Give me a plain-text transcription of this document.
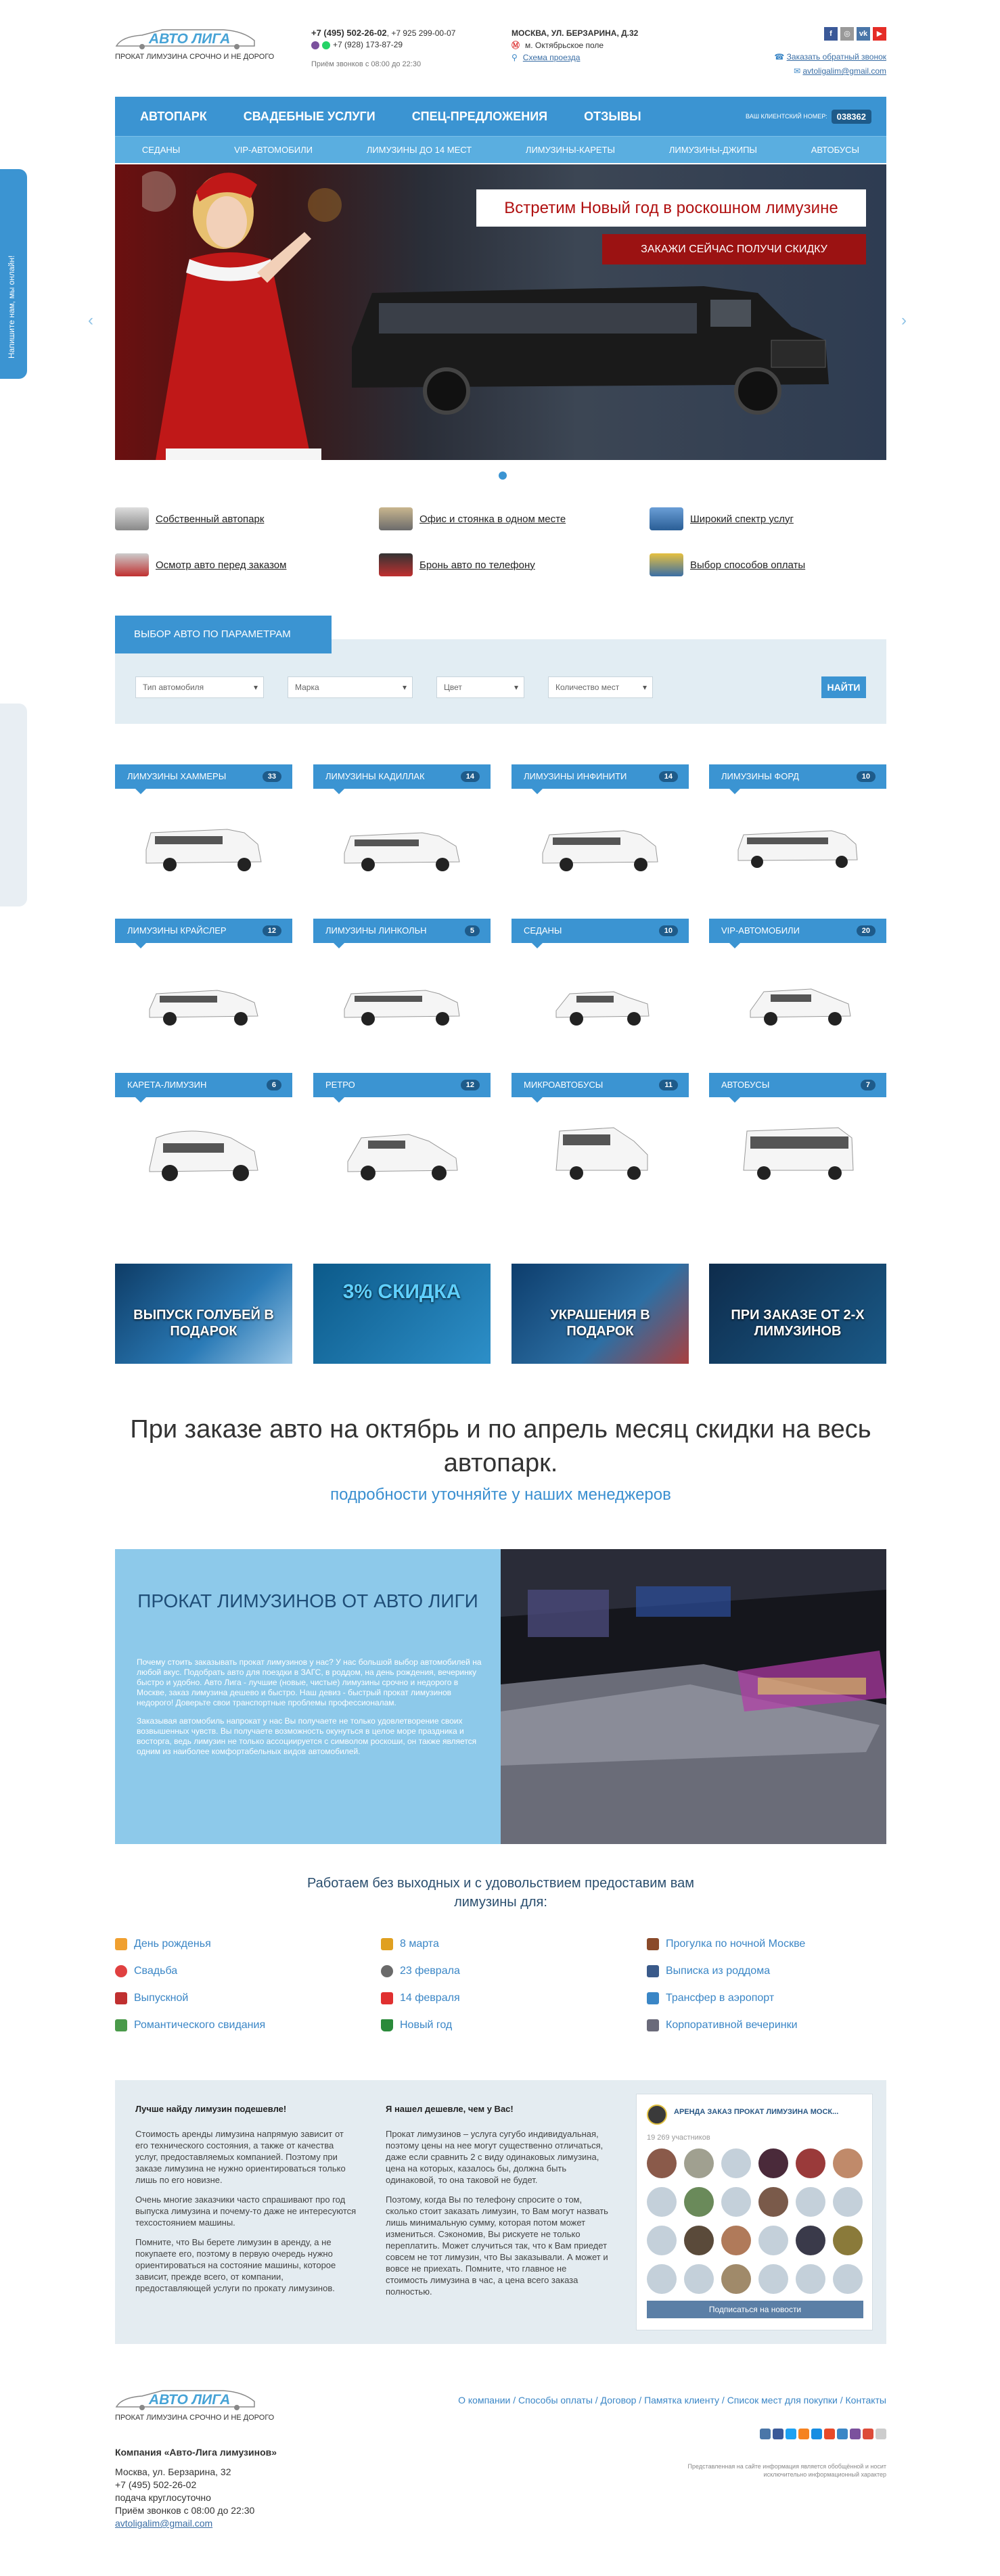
Напишите нам, мы онлайн!
АВТО ЛИГА
ПРОКАТ ЛИМУЗИНА СРОЧНО И НЕ ДОРОГО
+7 (495) 502-26-02, +7 925 299-00-07
+7 (928) 173-87-29
Приём звонков с 08:00 до 22:30
МОСКВА, УЛ. БЕРЗАРИНА, Д.32
Ⓜ м. Октябрьское поле
⚲ Схема проезда
f	◎	vk	▶
☎ Заказать обратный звонок
✉ avtoligalim@gmail.com
АВТОПАРК	СВАДЕБНЫЕ УСЛУГИ	СПЕЦ-ПРЕДЛОЖЕНИЯ	ОТЗЫВЫ	ВАШ КЛИЕНТСКИЙ НОМЕР:	038362
СЕДАНЫ	VIP-АВТОМОБИЛИ	ЛИМУЗИНЫ ДО 14 МЕСТ	ЛИМУЗИНЫ-КАРЕТЫ	ЛИМУЗИНЫ-ДЖИПЫ	АВТОБУСЫ
‹	›
Встретим Новый год в роскошном лимузине
ЗАКАЖИ СЕЙЧАС ПОЛУЧИ СКИДКУ
Собственный автопарк	Офис и стоянка в одном месте	Широкий спектр услуг
Осмотр авто перед заказом	Бронь авто по телефону	Выбор способов оплаты
ВЫБОР АВТО ПО ПАРАМЕТРАМ
Тип автомобиля ▾	Марка ▾	Цвет ▾	Количество мест ▾	НАЙТИ
ЛИМУЗИНЫ ХАММЕРЫ	33	ЛИМУЗИНЫ КАДИЛЛАК	14	ЛИМУЗИНЫ ИНФИНИТИ	14	ЛИМУЗИНЫ ФОРД	10
ЛИМУЗИНЫ КРАЙСЛЕР	12	ЛИМУЗИНЫ ЛИНКОЛЬН	5	СЕДАНЫ	10	VIP-АВТОМОБИЛИ	20
КАРЕТА-ЛИМУЗИН	6	РЕТРО	12	МИКРОАВТОБУСЫ	11	АВТОБУСЫ	7
ВЫПУСК ГОЛУБЕЙ В ПОДАРОК
3% СКИДКА
УКРАШЕНИЯ В ПОДАРОК
ПРИ ЗАКАЗЕ ОТ 2-Х ЛИМУЗИНОВ
При заказе авто на октябрь и по апрель месяц скидки на весь автопарк.
подробности уточняйте у наших менеджеров
ПРОКАТ ЛИМУЗИНОВ ОТ АВТО ЛИГИ

Почему стоить заказывать прокат лимузинов у нас? У нас большой выбор автомобилей на любой вкус. Подобрать авто для поездки в ЗАГС, в роддом, на день рождения, вечеринку быстро и удобно. Авто Лига - лучшие (новые, чистые) лимузины срочно и недорого в Москве, заказ лимузина дешево и быстро. Наш девиз - быстрый прокат лимузинов недорого! Доверьте свои транспортные проблемы профессионалам.

Заказывая автомобиль напрокат у нас Вы получаете не только удовлетворение своих возвышенных чувств. Вы получаете возможность окунуться в целое море праздника и восторга, ведь лимузин не только ассоциируется с символом роскоши, он также является одним из наиболее комфортабельных видов автомобилей.

Работаем без выходных и с удовольствием предоставим вам лимузины для:
День рожденья
Свадьба
Выпускной
Романтического свидания
8 марта
23 феврала
14 февраля
Новый год
Прогулка по ночной Москве
Выписка из роддома
Трансфер в аэропорт
Корпоративной вечеринки
Лучше найду лимузин подешевле!

Стоимость аренды лимузина напрямую зависит от его технического состояния, а также от качества услуг, предоставляемых компанией. Поэтому при заказе лимузина не нужно ориентироваться только лишь по его новизне.

Очень многие заказчики часто спрашивают про год выпуска лимузина и почему-то даже не интересуются техсостоянием машины.

Помните, что Вы берете лимузин в аренду, а не покупаете его, поэтому в первую очередь нужно ориентироваться на состояние машины, которое зависит, прежде всего, от компании, предоставляющей услуги по прокату лимузинов.

Я нашел дешевле, чем у Вас!

Прокат лимузинов – услуга сугубо индивидуальная, поэтому цены на нее могут существенно отличаться, даже если сравнить 2 с виду одинаковых лимузина, цена на которых, казалось бы, должна быть одинаковой, то она таковой не будет.

Поэтому, когда Вы по телефону спросите о том, сколько стоит заказать лимузин, то Вам могут назвать лишь минимальную сумму, которая потом может измениться. Сэкономив, Вы рискуете не только переплатить. Может случиться так, что к Вам приедет совсем не тот лимузин, что Вы заказывали. А может и вовсе не приехать. Помните, что главное не стоимость лимузина в час, а цена всего заказа полностью.

АРЕНДА ЗАКАЗ ПРОКАТ ЛИМУЗИНА МОСК...
19 269 участников
Подписаться на новости
АВТО ЛИГА
ПРОКАТ ЛИМУЗИНА СРОЧНО И НЕ ДОРОГО
О компании / Способы оплаты / Договор / Памятка клиенту / Список мест для покупки / Контакты
Компания «Авто-Лига лимузинов»
Москва, ул. Берзарина, 32
+7 (495) 502-26-02
подача круглосуточно
Приём звонков с 08:00 до 22:30
avtoligalim@gmail.com
Представленная на сайте информация является обобщённой и носит исключительно информационный характер
